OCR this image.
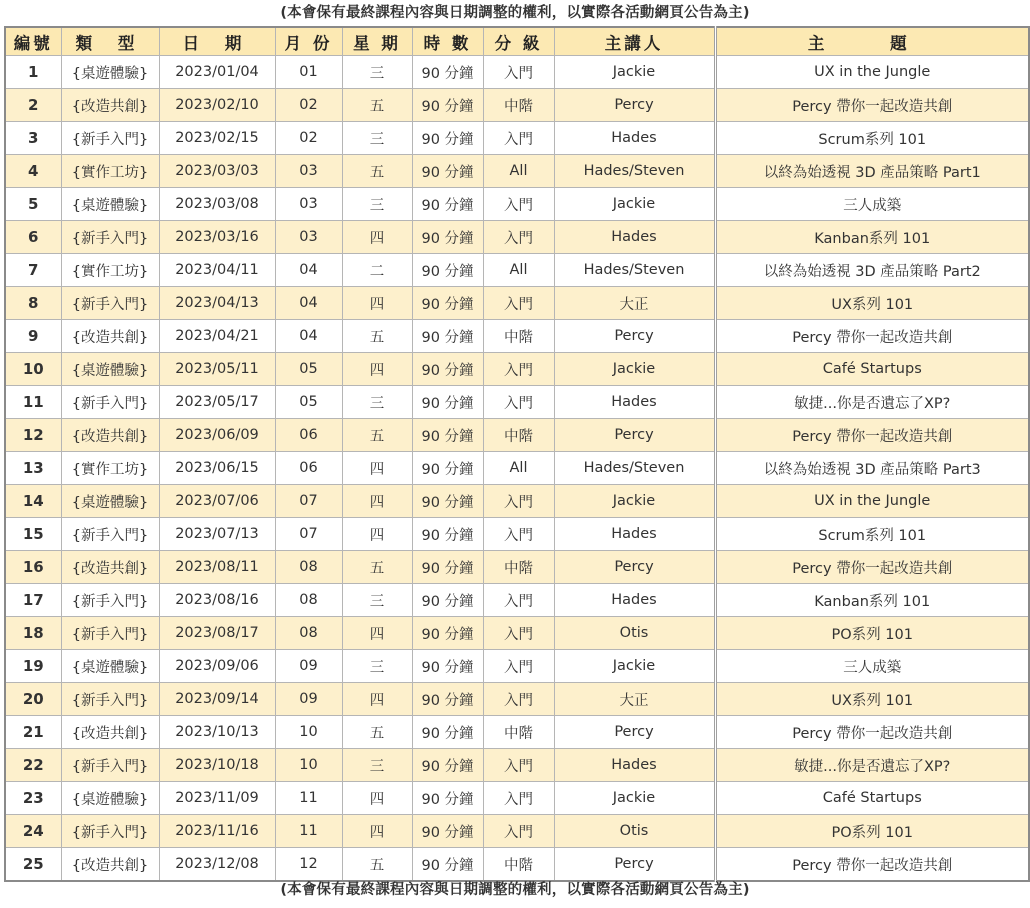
(本會保有最終課程內容與日期調整的權利，以實際各活動網頁公告為主)
編號	類 型	日 期	月 份	星 期	時 數	分 級	主講人	主 題
1	{桌遊體驗}	2023/01/04	01	三	90 分鐘	入門	Jackie	UX in the Jungle
2	{改造共創}	2023/02/10	02	五	90 分鐘	中階	Percy	Percy 帶你一起改造共創
3	{新手入門}	2023/02/15	02	三	90 分鐘	入門	Hades	Scrum系列 101
4	{實作工坊}	2023/03/03	03	五	90 分鐘	All	Hades/Steven	以終為始透視 3D 產品策略 Part1
5	{桌遊體驗}	2023/03/08	03	三	90 分鐘	入門	Jackie	三人成築
6	{新手入門}	2023/03/16	03	四	90 分鐘	入門	Hades	Kanban系列 101
7	{實作工坊}	2023/04/11	04	二	90 分鐘	All	Hades/Steven	以終為始透視 3D 產品策略 Part2
8	{新手入門}	2023/04/13	04	四	90 分鐘	入門	大正	UX系列 101
9	{改造共創}	2023/04/21	04	五	90 分鐘	中階	Percy	Percy 帶你一起改造共創
10	{桌遊體驗}	2023/05/11	05	四	90 分鐘	入門	Jackie	Café Startups
11	{新手入門}	2023/05/17	05	三	90 分鐘	入門	Hades	敏捷...你是否遺忘了XP?
12	{改造共創}	2023/06/09	06	五	90 分鐘	中階	Percy	Percy 帶你一起改造共創
13	{實作工坊}	2023/06/15	06	四	90 分鐘	All	Hades/Steven	以終為始透視 3D 產品策略 Part3
14	{桌遊體驗}	2023/07/06	07	四	90 分鐘	入門	Jackie	UX in the Jungle
15	{新手入門}	2023/07/13	07	四	90 分鐘	入門	Hades	Scrum系列 101
16	{改造共創}	2023/08/11	08	五	90 分鐘	中階	Percy	Percy 帶你一起改造共創
17	{新手入門}	2023/08/16	08	三	90 分鐘	入門	Hades	Kanban系列 101
18	{新手入門}	2023/08/17	08	四	90 分鐘	入門	Otis	PO系列 101
19	{桌遊體驗}	2023/09/06	09	三	90 分鐘	入門	Jackie	三人成築
20	{新手入門}	2023/09/14	09	四	90 分鐘	入門	大正	UX系列 101
21	{改造共創}	2023/10/13	10	五	90 分鐘	中階	Percy	Percy 帶你一起改造共創
22	{新手入門}	2023/10/18	10	三	90 分鐘	入門	Hades	敏捷...你是否遺忘了XP?
23	{桌遊體驗}	2023/11/09	11	四	90 分鐘	入門	Jackie	Café Startups
24	{新手入門}	2023/11/16	11	四	90 分鐘	入門	Otis	PO系列 101
25	{改造共創}	2023/12/08	12	五	90 分鐘	中階	Percy	Percy 帶你一起改造共創
(本會保有最終課程內容與日期調整的權利，以實際各活動網頁公告為主)
